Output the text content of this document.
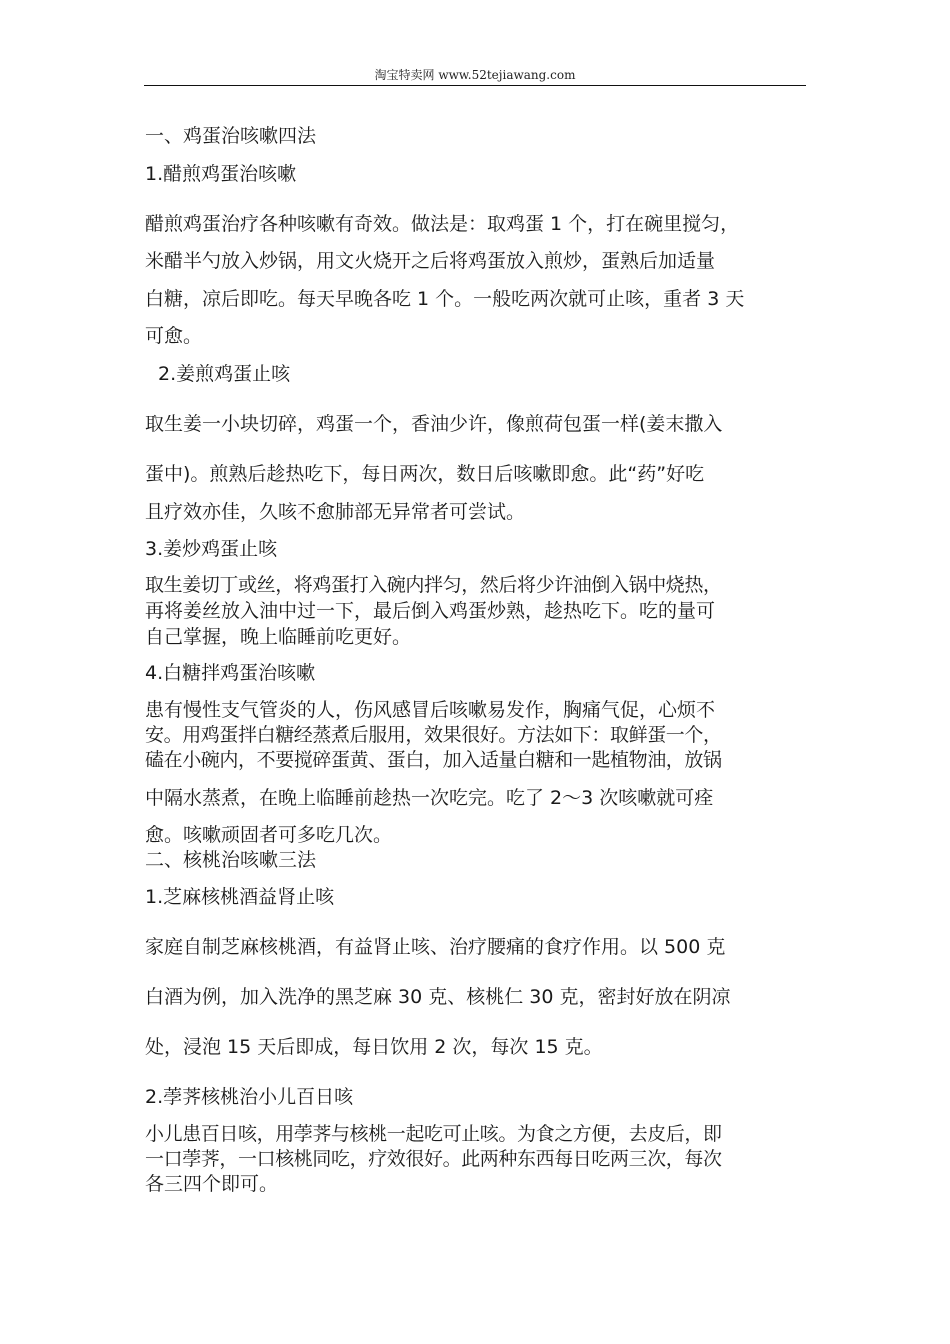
淘宝特卖网 www.52tejiawang.com
一、鸡蛋治咳嗽四法
1.醋煎鸡蛋治咳嗽
醋煎鸡蛋治疗各种咳嗽有奇效。做法是：取鸡蛋 1 个，打在碗里搅匀，
米醋半勺放入炒锅，用文火烧开之后将鸡蛋放入煎炒，蛋熟后加适量
白糖，凉后即吃。每天早晚各吃 1 个。一般吃两次就可止咳，重者 3 天
可愈。
2.姜煎鸡蛋止咳
取生姜一小块切碎，鸡蛋一个，香油少许，像煎荷包蛋一样(姜末撒入
蛋中)。煎熟后趁热吃下，每日两次，数日后咳嗽即愈。此“药”好吃
且疗效亦佳，久咳不愈肺部无异常者可尝试。
3.姜炒鸡蛋止咳
取生姜切丁或丝，将鸡蛋打入碗内拌匀，然后将少许油倒入锅中烧热，
再将姜丝放入油中过一下，最后倒入鸡蛋炒熟，趁热吃下。吃的量可
自己掌握，晚上临睡前吃更好。
4.白糖拌鸡蛋治咳嗽
患有慢性支气管炎的人，伤风感冒后咳嗽易发作，胸痛气促，心烦不
安。用鸡蛋拌白糖经蒸煮后服用，效果很好。方法如下：取鲜蛋一个，
磕在小碗内，不要搅碎蛋黄、蛋白，加入适量白糖和一匙植物油，放锅
中隔水蒸煮，在晚上临睡前趁热一次吃完。吃了 2～3 次咳嗽就可痊
愈。咳嗽顽固者可多吃几次。
二、核桃治咳嗽三法
1.芝麻核桃酒益肾止咳
家庭自制芝麻核桃酒，有益肾止咳、治疗腰痛的食疗作用。以 500 克
白酒为例，加入洗净的黑芝麻 30 克、核桃仁 30 克，密封好放在阴凉
处，浸泡 15 天后即成，每日饮用 2 次，每次 15 克。
2.荸荠核桃治小儿百日咳
小儿患百日咳，用荸荠与核桃一起吃可止咳。为食之方便，去皮后，即
一口荸荠，一口核桃同吃，疗效很好。此两种东西每日吃两三次，每次
各三四个即可。
